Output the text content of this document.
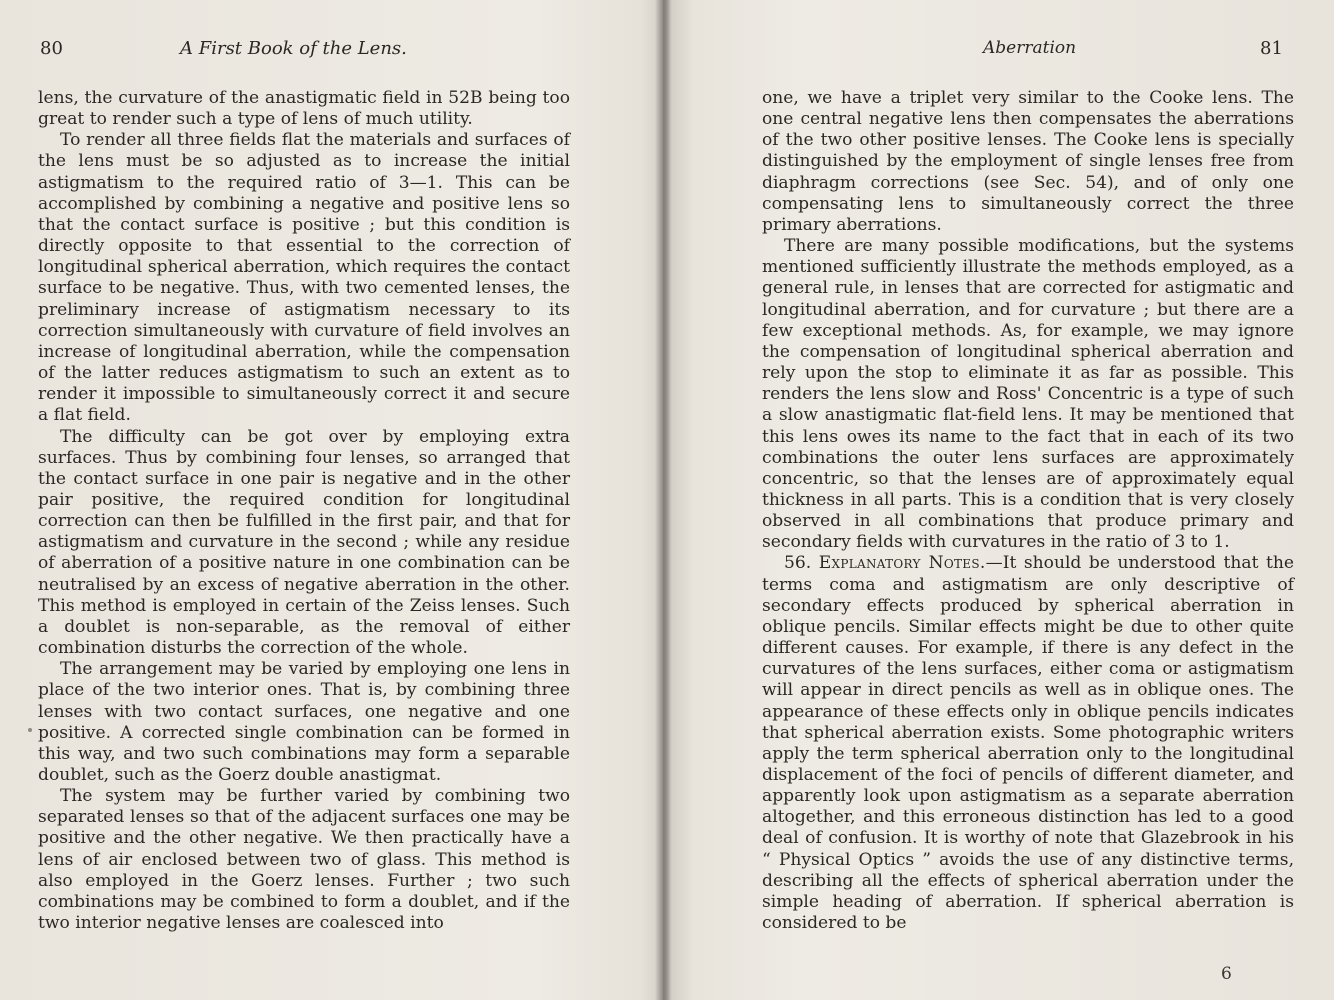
80	A First Book of the Lens.

lens, the curvature of the anastigmatic field in 52B being too great to render such a type of lens of much utility.

To render all three fields flat the materials and surfaces of the lens must be so adjusted as to increase the initial astigmatism to the required ratio of 3—1. This can be accomplished by combining a negative and positive lens so that the contact surface is positive ; but this condition is directly opposite to that essential to the correction of longitudinal spherical aberration, which requires the contact surface to be negative. Thus, with two cemented lenses, the preliminary increase of astigmatism necessary to its correction simultaneously with curvature of field involves an increase of longitudinal aberration, while the compensation of the latter reduces astigmatism to such an extent as to render it impossible to simultaneously correct it and secure a flat field.

The difficulty can be got over by employing extra surfaces. Thus by combining four lenses, so arranged that the contact surface in one pair is negative and in the other pair positive, the required condition for longitudinal correction can then be fulfilled in the first pair, and that for astigmatism and curvature in the second ; while any residue of aberration of a positive nature in one combination can be neutralised by an excess of negative aberration in the other. This method is employed in certain of the Zeiss lenses. Such a doublet is non-separable, as the removal of either combination disturbs the correction of the whole.

The arrangement may be varied by employing one lens in place of the two interior ones. That is, by combining three lenses with two contact surfaces, one negative and one positive. A corrected single combination can be formed in this way, and two such combinations may form a separable doublet, such as the Goerz double anastigmat.

The system may be further varied by combining two separated lenses so that of the adjacent surfaces one may be positive and the other negative. We then practically have a lens of air enclosed between two of glass. This method is also employed in the Goerz lenses. Further ; two such combinations may be combined to form a doublet, and if the two interior negative lenses are coalesced into

Aberration	81

one, we have a triplet very similar to the Cooke lens. The one central negative lens then compensates the aberrations of the two other positive lenses. The Cooke lens is specially distinguished by the employment of single lenses free from diaphragm corrections (see Sec. 54), and of only one compensating lens to simultaneously correct the three primary aberrations.

There are many possible modifications, but the systems mentioned sufficiently illustrate the methods employed, as a general rule, in lenses that are corrected for astigmatic and longitudinal aberration, and for curvature ; but there are a few exceptional methods. As, for example, we may ignore the compensation of longitudinal spherical aberration and rely upon the stop to eliminate it as far as possible. This renders the lens slow and Ross' Concentric is a type of such a slow anastigmatic flat-field lens. It may be mentioned that this lens owes its name to the fact that in each of its two combinations the outer lens surfaces are approximately concentric, so that the lenses are of approximately equal thickness in all parts. This is a condition that is very closely observed in all combinations that produce primary and secondary fields with curvatures in the ratio of 3 to 1.

56. Explanatory Notes.—It should be understood that the terms coma and astigmatism are only descriptive of secondary effects produced by spherical aberration in oblique pencils. Similar effects might be due to other quite different causes. For example, if there is any defect in the curvatures of the lens surfaces, either coma or astigmatism will appear in direct pencils as well as in oblique ones. The appearance of these effects only in oblique pencils indicates that spherical aberration exists. Some photographic writers apply the term spherical aberration only to the longitudinal displacement of the foci of pencils of different diameter, and apparently look upon astigmatism as a separate aberration altogether, and this erroneous distinction has led to a good deal of confusion. It is worthy of note that Glazebrook in his “ Physical Optics ” avoids the use of any distinctive terms, describing all the effects of spherical aberration under the simple heading of aberration. If spherical aberration is considered to be

6
